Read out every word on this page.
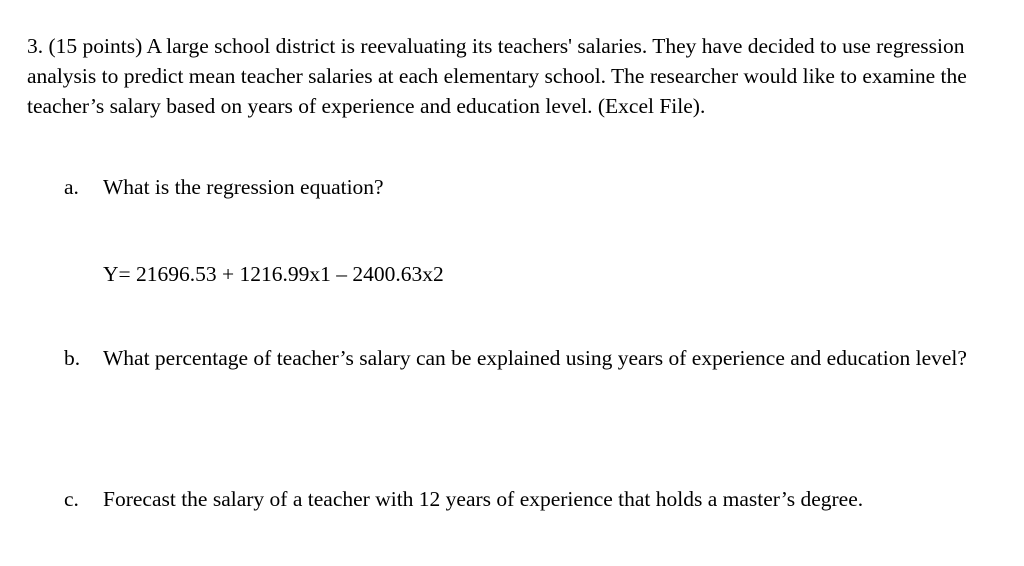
3. (15 points) A large school district is reevaluating its teachers' salaries. They have decided to use regression analysis to predict mean teacher salaries at each elementary school. The researcher would like to examine the teacher’s salary based on years of experience and education level. (Excel File).

a. What is the regression equation?

Y= 21696.53 + 1216.99x1 – 2400.63x2

b. What percentage of teacher’s salary can be explained using years of experience and education level?

c. Forecast the salary of a teacher with 12 years of experience that holds a master’s degree.
